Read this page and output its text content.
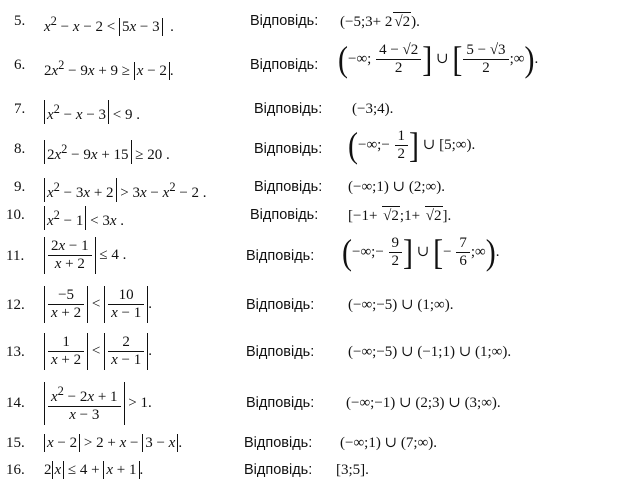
5. $x^2 - x - 2 < 5x - 3$  .	Відповідь: (−5;3+ 2 √2).
6. $2x^2 - 9x + 9 \ge x - 2$ .	Відповідь: (−∞; $\frac{4 - √2}{2}$ ] ∪ [ $\frac{5 - √3}{2}$ ;∞).
7. $x^2 - x - 3 < 9$ .	Відповідь: (−3;4).
8. $2x^2 - 9x + 15 \ge 20$ .	Відповідь: (−∞;− $\frac{1}{2}$ ] ∪ [5;∞).
9. $x^2 - 3x + 2 > 3x - x^2 - 2$ .	Відповідь: (−∞;1) ∪ (2;∞).
10. $x^2 - 1 < 3x$ .	Відповідь: [−1+ √2;1+ √2].
11. $\frac{2x - 1}{x + 2} \le 4$ .	Відповідь: (−∞;− $\frac{9}{2}$ ] ∪ [− $\frac{7}{6}$ ;∞).
12. $\frac{-5}{x + 2} < \frac{10}{x - 1}$ .	Відповідь: (−∞;−5) ∪ (1;∞).
13. $\frac{1}{x + 2} < \frac{2}{x - 1}$ .	Відповідь: (−∞;−5) ∪ (−1;1) ∪ (1;∞).
14. $\frac{x^2 - 2x + 1}{x - 3} > 1$.	Відповідь: (−∞;−1) ∪ (2;3) ∪ (3;∞).
15. x − 2 > 2 + x − 3 − x .	Відповідь: (−∞;1) ∪ (7;∞).
16. 2 x ≤ 4 + x + 1 .	Відповідь: [3;5].
